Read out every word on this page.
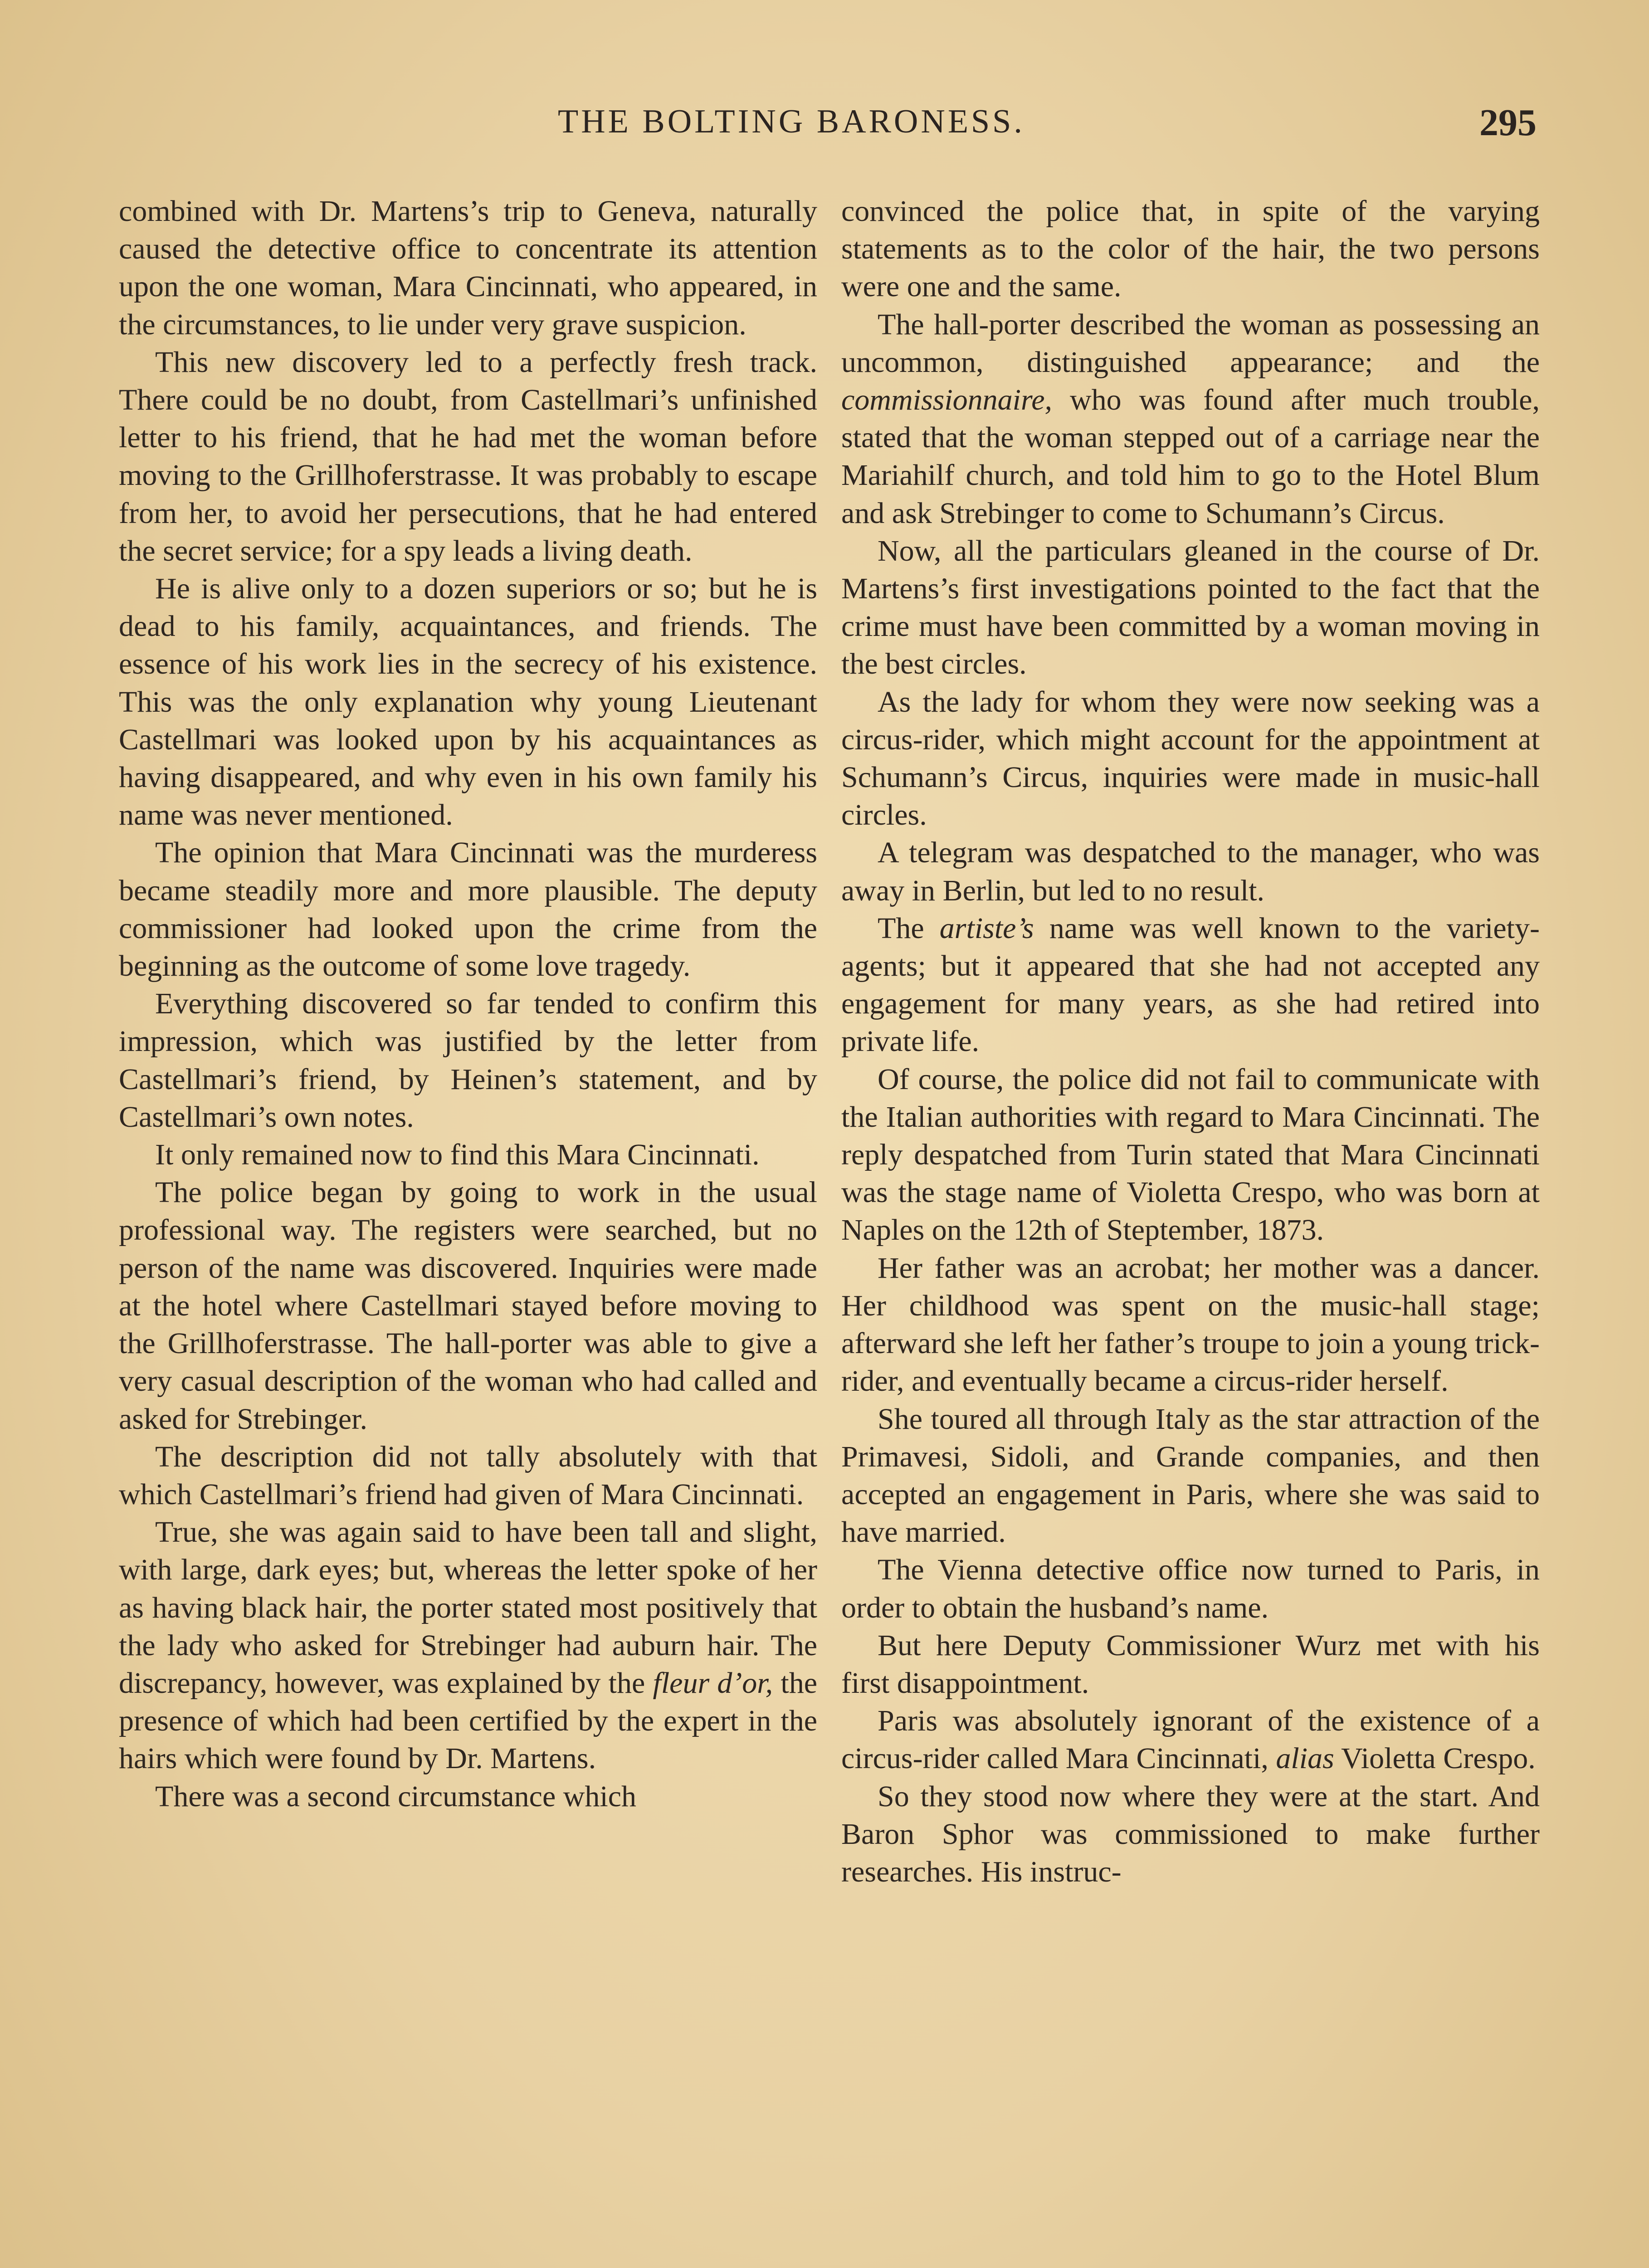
THE BOLTING BARONESS.	295

combined with Dr. Martens’s trip to Geneva, naturally caused the detective office to concentrate its attention upon the one woman, Mara Cincinnati, who appeared, in the circumstances, to lie under very grave suspicion.

This new discovery led to a perfectly fresh track. There could be no doubt, from Castellmari’s unfinished letter to his friend, that he had met the woman before moving to the Grillhoferstrasse. It was probably to escape from her, to avoid her persecutions, that he had entered the secret service; for a spy leads a living death.

He is alive only to a dozen superiors or so; but he is dead to his family, acquaintances, and friends. The essence of his work lies in the secrecy of his existence. This was the only explanation why young Lieutenant Castellmari was looked upon by his acquaintances as having disappeared, and why even in his own family his name was never mentioned.

The opinion that Mara Cincinnati was the murderess became steadily more and more plausible. The deputy commissioner had looked upon the crime from the beginning as the outcome of some love tragedy.

Everything discovered so far tended to confirm this impression, which was justified by the letter from Castellmari’s friend, by Heinen’s statement, and by Castellmari’s own notes.

It only remained now to find this Mara Cincinnati.

The police began by going to work in the usual professional way. The registers were searched, but no person of the name was discovered. Inquiries were made at the hotel where Castellmari stayed before moving to the Grillhoferstrasse. The hall-porter was able to give a very casual description of the woman who had called and asked for Strebinger.

The description did not tally absolutely with that which Castellmari’s friend had given of Mara Cincinnati.

True, she was again said to have been tall and slight, with large, dark eyes; but, whereas the letter spoke of her as having black hair, the porter stated most positively that the lady who asked for Strebinger had auburn hair. The discrepancy, however, was explained by the fleur d’or, the presence of which had been certified by the expert in the hairs which were found by Dr. Martens.

There was a second circumstance which

convinced the police that, in spite of the varying statements as to the color of the hair, the two persons were one and the same.

The hall-porter described the woman as possessing an uncommon, distinguished appearance; and the commissionnaire, who was found after much trouble, stated that the woman stepped out of a carriage near the Mariahilf church, and told him to go to the Hotel Blum and ask Strebinger to come to Schumann’s Circus.

Now, all the particulars gleaned in the course of Dr. Martens’s first investigations pointed to the fact that the crime must have been committed by a woman moving in the best circles.

As the lady for whom they were now seeking was a circus-rider, which might account for the appointment at Schumann’s Circus, inquiries were made in music-hall circles.

A telegram was despatched to the manager, who was away in Berlin, but led to no result.

The artiste’s name was well known to the variety-agents; but it appeared that she had not accepted any engagement for many years, as she had retired into private life.

Of course, the police did not fail to communicate with the Italian authorities with regard to Mara Cincinnati. The reply despatched from Turin stated that Mara Cincinnati was the stage name of Violetta Crespo, who was born at Naples on the 12th of Steptember, 1873.

Her father was an acrobat; her mother was a dancer. Her childhood was spent on the music-hall stage; afterward she left her father’s troupe to join a young trick-rider, and eventually became a circus-rider herself.

She toured all through Italy as the star attraction of the Primavesi, Sidoli, and Grande companies, and then accepted an engagement in Paris, where she was said to have married.

The Vienna detective office now turned to Paris, in order to obtain the husband’s name.

But here Deputy Commissioner Wurz met with his first disappointment.

Paris was absolutely ignorant of the existence of a circus-rider called Mara Cincinnati, alias Violetta Crespo.

So they stood now where they were at the start. And Baron Sphor was commissioned to make further researches. His instruc-
